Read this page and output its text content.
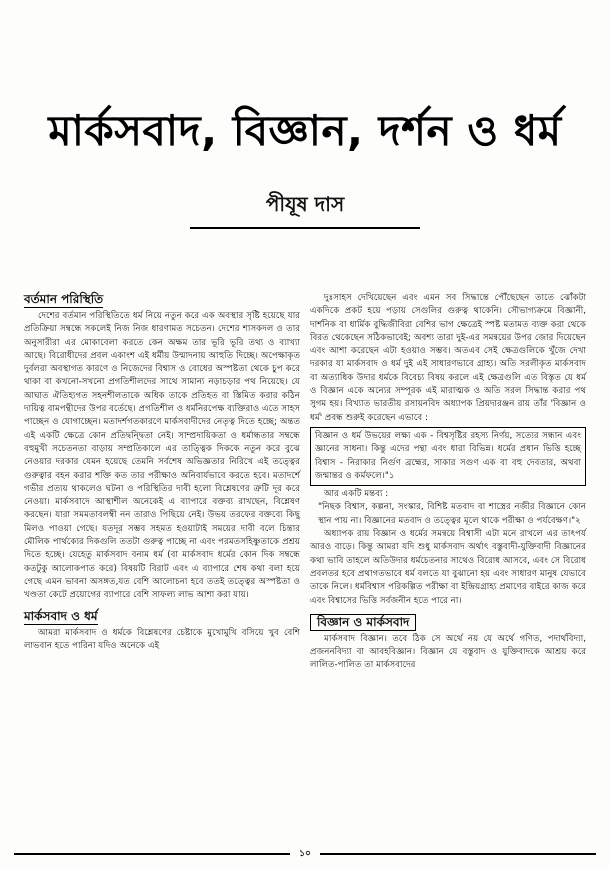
মার্কসবাদ, বিজ্ঞান, দর্শন ও ধর্ম
পীযূষ দাস
বর্তমান পরিস্থিতি

দেশের বর্তমান পরিস্থিতিতে ধর্ম নিয়ে নতুন করে এক অবস্থার সৃষ্টি হয়েছে যার প্রতিক্রিয়া সম্বন্ধে সকলেই নিজ নিজ ধারণামত সচেতন। দেশের শাসকদল ও তার অনুসারীরা এর মোকাবেলা করতে কেন অক্ষম তার ভূরি ভূরি তথ্য ও ব্যাখ্যা আছে। বিরোধীদের প্রবল একাংশ এই ধর্মীয় উন্মাদনায় আহুতি দিচ্ছে। অপেক্ষাকৃত দুর্বলরা অবস্থাগত কারণে ও নিজেদের বিশ্বাস ও বোধের অস্পষ্টতা থেকে চুপ করে থাকা বা কখনো-সখনো প্রগতিশীলদের সাথে সামান্য নড়াচড়ার পথ নিয়েছে। যে আঘাত ঐতিহ্যগত সহনশীলতাকে অধিক তাকে প্রতিহত বা স্তিমিত করার কঠিন দায়িত্ব বামপন্থীদের উপর বর্তেছে। প্রগতিশীল ও ধর্মনিরপেক্ষ ব্যক্তিরাও এতে সাহস পাচ্ছেন ও যোগাচ্ছেন। মতাদর্শগতকারণে মার্কসবাদীদের নেতৃত্ব দিতে হচ্ছে; অন্তত এই একটি ক্ষেত্রে কোন প্রতিদ্বন্দ্বিতা নেই। সাম্প্রদায়িকতা ও ধর্মান্ধতার সম্বন্ধে বহুমুখী সচেতনতা বাড়ায় সম্প্রতিকালে এর তাত্ত্বিক দিককে নতুন করে বুঝে নেওয়ার দরকার যেমন হয়েছে তেমনি সর্বশেষ অভিজ্ঞতার নিরিখে এই তত্ত্বের গুরুত্বার বহন করার শক্তি কত তার পরীক্ষাও অনিবার্যভাবে করতে হবে। মতাদর্শে গভীর প্রত্যয় থাকলেও ঘটনা ও পরিস্থিতির দাবী হলো বিশ্লেষণের ত্রুটি দূর করে নেওয়া। মার্কসবাদে আস্থাশীল অনেকেই এ ব্যাপারে বক্তব্য রাখছেন, বিশ্লেষণ করছেন। যারা সমমতাবলম্বী নন তারাও পিছিয়ে নেই। উভয় তরফের বক্তব্যে কিছু মিলও পাওয়া গেছে। যতদূর সম্ভব সহমত হওয়াটাই সময়ের দাবী বলে চিন্তার মৌলিক পার্থক্যের দিকগুলি ততটা গুরুত্ব পাচ্ছে না এবং পরমতসহিষ্ণুতাকে প্রশ্রয় দিতে হচ্ছে। যেহেতু মার্কসবাদ বনাম ধর্ম (বা মার্কসবাদ ধর্মের কোন দিক সম্বন্ধে কতটুকু আলোকপাত করে) বিষয়টি বিরাট এবং এ ব্যাপারে শেষ কথা বলা হয়ে গেছে এমন ভাবনা অসঙ্গত,যত বেশি আলোচনা হবে ততই তত্ত্বের অস্পষ্টতা ও খণ্ডতা কেটে প্রয়োগের ব্যাপারে বেশি সাফল্য লাভ আশা করা যায়।

মার্কসবাদ ও ধর্ম

আমরা মার্কসবাদ ও ধর্মকে বিশ্লেষণের চেষ্টাকে মুখোমুখি বসিয়ে খুব বেশি লাভবান হতে পারিনা যদিও অনেকে এই

দুঃসাহস দেখিয়েছেন এবং এমন সব সিদ্ধান্তে পৌঁছেছেন তাতে ঝোঁকটা একদিকে প্রকট হয়ে পড়ায় সেগুলির গুরুত্ব থাকেনি। সৌভাগ্যক্রমে বিজ্ঞানী, দার্শনিক বা ধার্মিক বুদ্ধিজীবিরা বেশির ভাগ ক্ষেত্রেই স্পষ্ট মতামত ব্যক্ত করা থেকে বিরত থেকেছেন সঠিকভাবেই; অবশ্য তারা দুই-এর সমন্বয়ের উপর জোর দিয়েছেন এবং আশা করেছেন এটা হওয়াও সম্ভব। অতএব সেই ক্ষেত্রগুলিকে খুঁজে দেখা দরকার যা মার্কসবাদ ও ধর্ম দুই এই সাধারণভাবে গ্রাহ্য। অতি সরলীকৃত মার্কসবাদ বা অত্যাধিক উদার ধর্মকে বিবেচ্য বিষয় করলে এই ক্ষেত্রগুলি এত বিস্তৃত যে ধর্ম ও বিজ্ঞান একে অন্যের সম্পূরক এই মারাত্মক ও অতি সরল সিদ্ধান্ত করার পথ সুগম হয়। বিখ্যাত ভারতীয় রসায়নবিদ অধ্যাপক প্রিয়দারঞ্জন রায় তাঁর 'বিজ্ঞান ও ধর্ম' প্রবন্ধ শুরুই করেছেন এভাবে :

বিজ্ঞান ও ধর্ম উভয়ের লক্ষ্য এক - বিশ্বসৃষ্টির রহস্য নির্ণয়, সত্যের সন্ধান এবং জ্ঞানের সাধনা। কিন্তু এদের পন্থা এবং ধারা বিভিন্ন। ধর্মের প্রধান ভিত্তি হচ্ছে বিশ্বাস - নিরাকার নির্গুণ ব্রহ্মের, সাকার সগুণ এক বা বহু দেবতার, অথবা জন্মান্তর ও কর্মফলে।"১

আর একটি মন্তব্য :

"নিছক বিশ্বাস, কল্পনা, সংস্কার, বিশিষ্ট মতবাদ বা শাস্ত্রের নজীর বিজ্ঞানে কোন স্থান পায় না। বিজ্ঞানের মতবাদ ও তত্ত্বের মূলে থাকে পরীক্ষা ও পর্যবেক্ষণ।"২

অধ্যাপক রায় বিজ্ঞান ও ধর্মের সমন্বয়ে বিশ্বাসী এটা মনে রাখলে এর তাৎপর্য আরও বাড়ে। কিন্তু আমরা যদি শুধু মার্কসবাদ অর্থাৎ বস্তুবাদী-যুক্তিবাদী বিজ্ঞানের কথা ভাবি তাহলে অতিউদার ধর্মচেতনার সাথেও বিরোধ আসবে, এবং সে বিরোধ প্রবলতর হবে প্রথাগতভাবে ধর্ম বলতে যা বুঝানো হয় এবং সাধারণ মানুষ যেভাবে তাকে নিলে। ধর্মবিশ্বাস পরিকল্পিত পরীক্ষা বা ইন্দ্রিয়গ্রাহ্য প্রমাণের বাইরে কাজ করে এবং বিশ্বাসের ভিত্তি সর্বজনীন হতে পারে না।

বিজ্ঞান ও মার্কসবাদ

মার্কসবাদ বিজ্ঞান। তবে ঠিক সে অর্থে নয় যে অর্থে গণিত, পদার্থবিদ্যা, প্রজননবিদ্যা বা আবহবিজ্ঞান। বিজ্ঞান যে বস্তুবাদ ও যুক্তিবাদকে আশ্রয় করে লালিত-পালিত তা মার্কসবাদের

১০
